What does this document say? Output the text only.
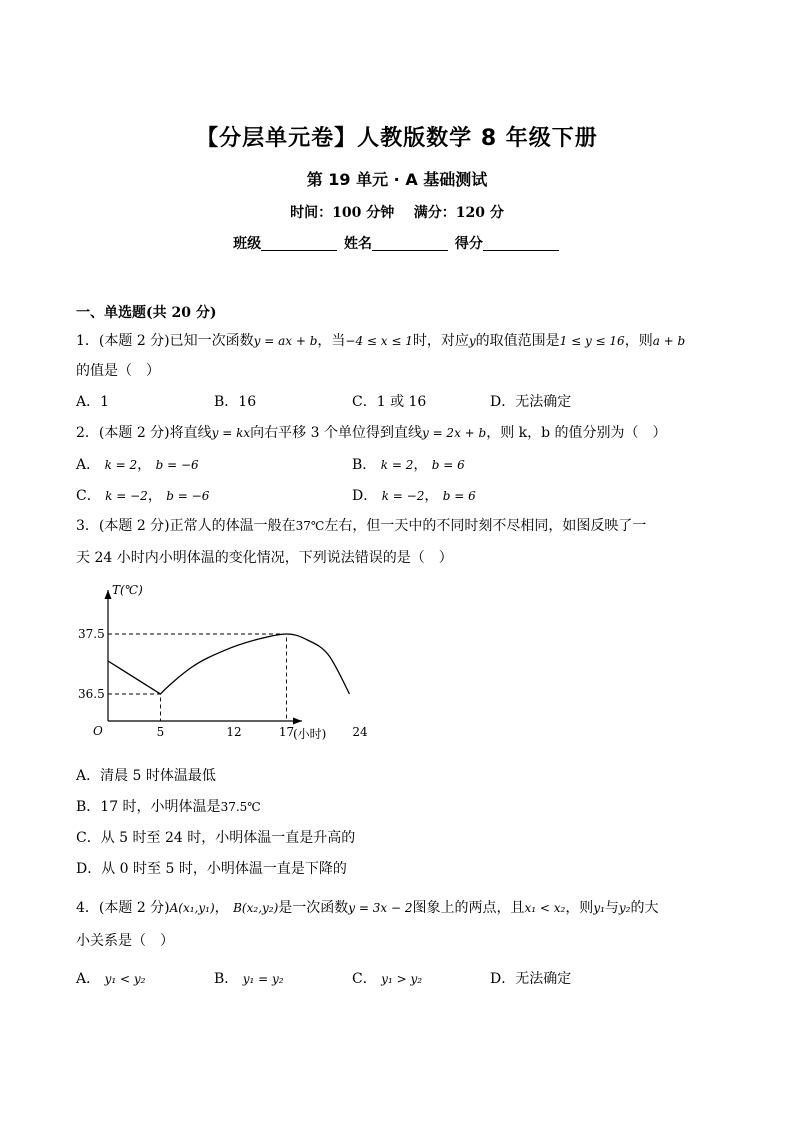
【分层单元卷】人教版数学 8 年级下册
第 19 单元 · A 基础测试
时间：100 分钟 满分：120 分
班级	姓名	得分
一、单选题(共 20 分)
1．(本题 2 分)已知一次函数y = ax + b，当−4 ≤ x ≤ 1时，对应y的取值范围是1 ≤ y ≤ 16，则a + b
的值是（　）
A．1	B．16	C．1 或 16	D．无法确定
2．(本题 2 分)将直线y = kx向右平移 3 个单位得到直线y = 2x + b，则 k，b 的值分别为（　）
A． k = 2， b = −6	B． k = 2， b = 6
C． k = −2， b = −6	D． k = −2， b = 6
3．(本题 2 分)正常人的体温一般在37℃左右，但一天中的不同时刻不尽相同，如图反映了一
天 24 小时内小明体温的变化情况，下列说法错误的是（　）
T(℃)
(小时)
O
36.5
37.5
5	12	17	24
A．清晨 5 时体温最低
B．17 时，小明体温是37.5℃
C．从 5 时至 24 时，小明体温一直是升高的
D．从 0 时至 5 时，小明体温一直是下降的
4．(本题 2 分)A(x₁,y₁)， B(x₂,y₂)是一次函数y = 3x − 2图象上的两点，且x₁ < x₂，则y₁与y₂的大
小关系是（　）
A． y₁ < y₂	B． y₁ = y₂	C． y₁ > y₂	D．无法确定
